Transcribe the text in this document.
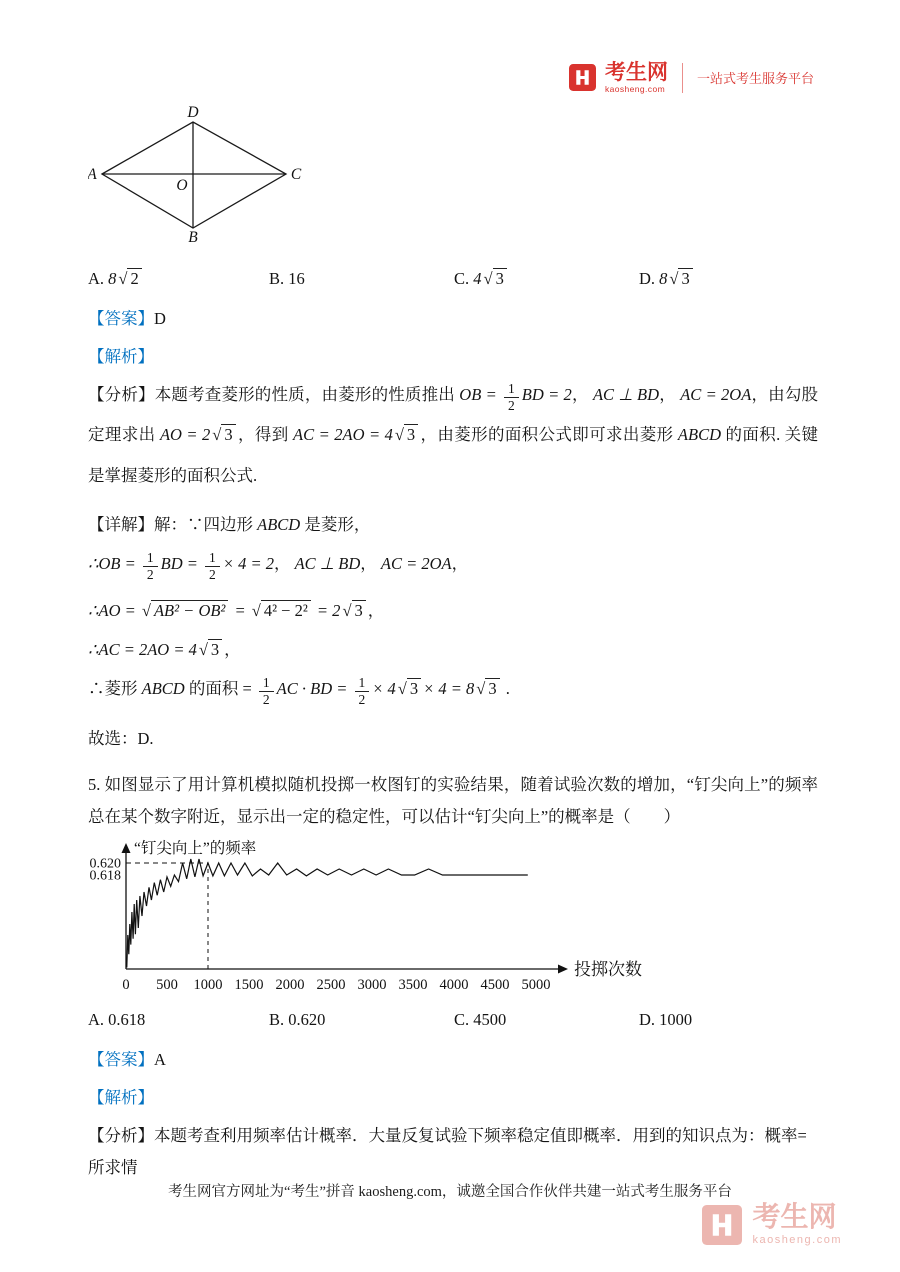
考生网
kaosheng.com
一站式考生服务平台
D
A	C
B
O
A. 8 √ 2	B. 16	C. 4 √ 3	D. 8 √ 3
【答案】D
【解析】
【分析】本题考查菱形的性质，由菱形的性质推出 OB = $\frac{1}{2}$ BD = 2， AC ⊥ BD， AC = 2OA，由勾股定理求出 AO = 2 √ 3 ，得到 AC = 2AO = 4 √ 3 ，由菱形的面积公式即可求出菱形 ABCD 的面积. 关键是掌握菱形的面积公式.
【详解】解：∵四边形 ABCD 是菱形，
∴OB = $\frac{1}{2}$ BD = $\frac{1}{2} \times 4 = 2$， AC ⊥ BD， AC = 2OA，
∴AO = √ AB² − OB² = √ 4² − 2² = 2 √ 3 ，
∴AC = 2AO = 4 √ 3 ，
∴菱形 ABCD 的面积 = $\frac{1}{2}$ AC · BD = $\frac{1}{2} \times 4$ √ 3 × 4 = 8 √ 3 .
故选：D.
5. 如图显示了用计算机模拟随机投掷一枚图钉的实验结果，随着试验次数的增加，“钉尖向上”的频率总在某个数字附近，显示出一定的稳定性，可以估计“钉尖向上”的概率是（　　）
0.620
0.618
0 500 1000 1500 2000 2500 3000 3500 4000 4500 5000
“钉尖向上”的频率
投掷次数
A. 0.618	B. 0.620	C. 4500	D. 1000
【答案】A
【解析】
【分析】本题考查利用频率估计概率．大量反复试验下频率稳定值即概率．用到的知识点为：概率=所求情
考生网官方网址为“考生”拼音 kaosheng.com，诚邀全国合作伙伴共建一站式考生服务平台
考生网
kaosheng.com
